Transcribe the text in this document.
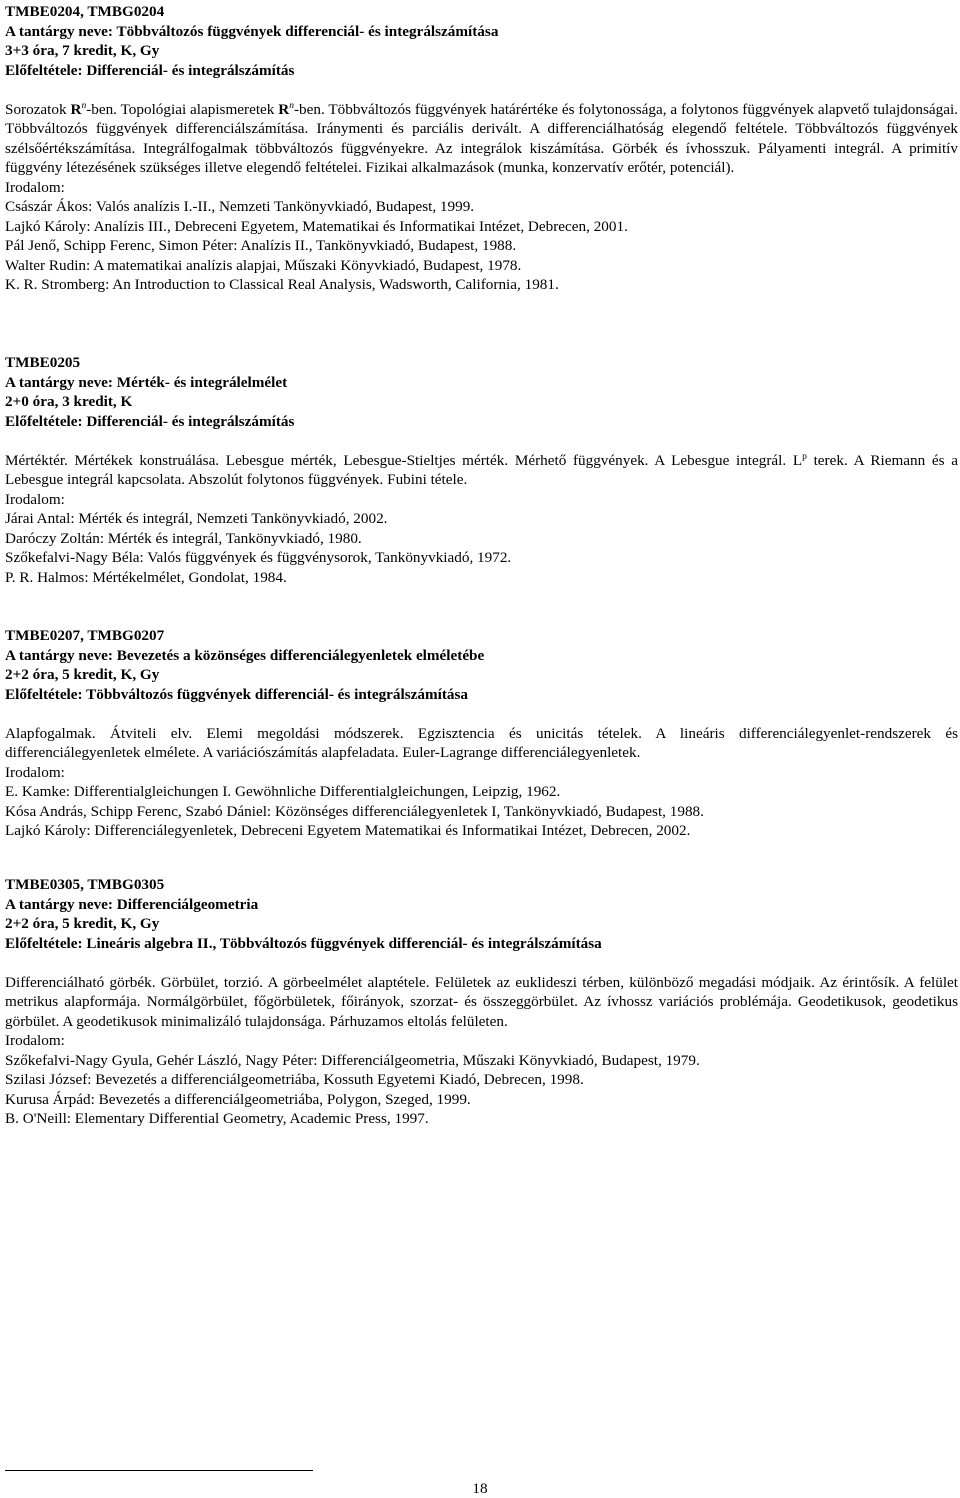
TMBE0204, TMBG0204
A tantárgy neve: Többváltozós függvények differenciál- és integrálszámítása
3+3 óra, 7 kredit, K, Gy
Előfeltétele: Differenciál- és integrálszámítás
Sorozatok $R^n$-ben. Topológiai alapismeretek $R^n$-ben. Többváltozós függvények határértéke és folytonossága, a folytonos függvények alapvető tulajdonságai. Többváltozós függvények differenciálszámítása. Iránymenti és parciális derivált. A differenciálhatóság elegendő feltétele. Többváltozós függvények szélsőértékszámítása. Integrálfogalmak többváltozós függvényekre. Az integrálok kiszámítása. Görbék és ívhosszuk. Pályamenti integrál. A primitív függvény létezésének szükséges illetve elegendő feltételei. Fizikai alkalmazások (munka, konzervatív erőtér, potenciál).
Irodalom:
Császár Ákos: Valós analízis I.-II., Nemzeti Tankönyvkiadó, Budapest, 1999.
Lajkó Károly: Analízis III., Debreceni Egyetem, Matematikai és Informatikai Intézet, Debrecen, 2001.
Pál Jenő, Schipp Ferenc, Simon Péter: Analízis II., Tankönyvkiadó, Budapest, 1988.
Walter Rudin: A matematikai analízis alapjai, Műszaki Könyvkiadó, Budapest, 1978.
K. R. Stromberg: An Introduction to Classical Real Analysis, Wadsworth, California, 1981.
TMBE0205
A tantárgy neve: Mérték- és integrálelmélet
2+0 óra, 3 kredit, K
Előfeltétele: Differenciál- és integrálszámítás
Mértéktér. Mértékek konstruálása. Lebesgue mérték, Lebesgue-Stieltjes mérték. Mérhető függvények. A Lebesgue integrál. $L^p$ terek. A Riemann és a Lebesgue integrál kapcsolata. Abszolút folytonos függvények. Fubini tétele.
Irodalom:
Járai Antal: Mérték és integrál, Nemzeti Tankönyvkiadó, 2002.
Daróczy Zoltán: Mérték és integrál, Tankönyvkiadó, 1980.
Szőkefalvi-Nagy Béla: Valós függvények és függvénysorok, Tankönyvkiadó, 1972.
P. R. Halmos: Mértékelmélet, Gondolat, 1984.
TMBE0207, TMBG0207
A tantárgy neve: Bevezetés a közönséges differenciálegyenletek elméletébe
2+2 óra, 5 kredit, K, Gy
Előfeltétele: Többváltozós függvények differenciál- és integrálszámítása
Alapfogalmak. Átviteli elv. Elemi megoldási módszerek. Egzisztencia és unicitás tételek. A lineáris differenciálegyenlet-rendszerek és differenciálegyenletek elmélete. A variációszámítás alapfeladata. Euler-Lagrange differenciálegyenletek.
Irodalom:
E. Kamke: Differentialgleichungen I. Gewöhnliche Differentialgleichungen, Leipzig, 1962.
Kósa András, Schipp Ferenc, Szabó Dániel: Közönséges differenciálegyenletek I, Tankönyvkiadó, Budapest, 1988.
Lajkó Károly: Differenciálegyenletek, Debreceni Egyetem Matematikai és Informatikai Intézet, Debrecen, 2002.
TMBE0305, TMBG0305
A tantárgy neve: Differenciálgeometria
2+2 óra, 5 kredit, K, Gy
Előfeltétele: Lineáris algebra II., Többváltozós függvények differenciál- és integrálszámítása
Differenciálható görbék. Görbület, torzió. A görbeelmélet alaptétele. Felületek az euklideszi térben, különböző megadási módjaik. Az érintősík. A felület metrikus alapformája. Normálgörbület, főgörbületek, főirányok, szorzat- és összeggörbület. Az ívhossz variációs problémája. Geodetikusok, geodetikus görbület. A geodetikusok minimalizáló tulajdonsága. Párhuzamos eltolás felületen.
Irodalom:
Szőkefalvi-Nagy Gyula, Gehér László, Nagy Péter: Differenciálgeometria, Műszaki Könyvkiadó, Budapest, 1979.
Szilasi József: Bevezetés a differenciálgeometriába, Kossuth Egyetemi Kiadó, Debrecen, 1998.
Kurusa Árpád: Bevezetés a differenciálgeometriába, Polygon, Szeged, 1999.
B. O'Neill: Elementary Differential Geometry, Academic Press, 1997.
18
